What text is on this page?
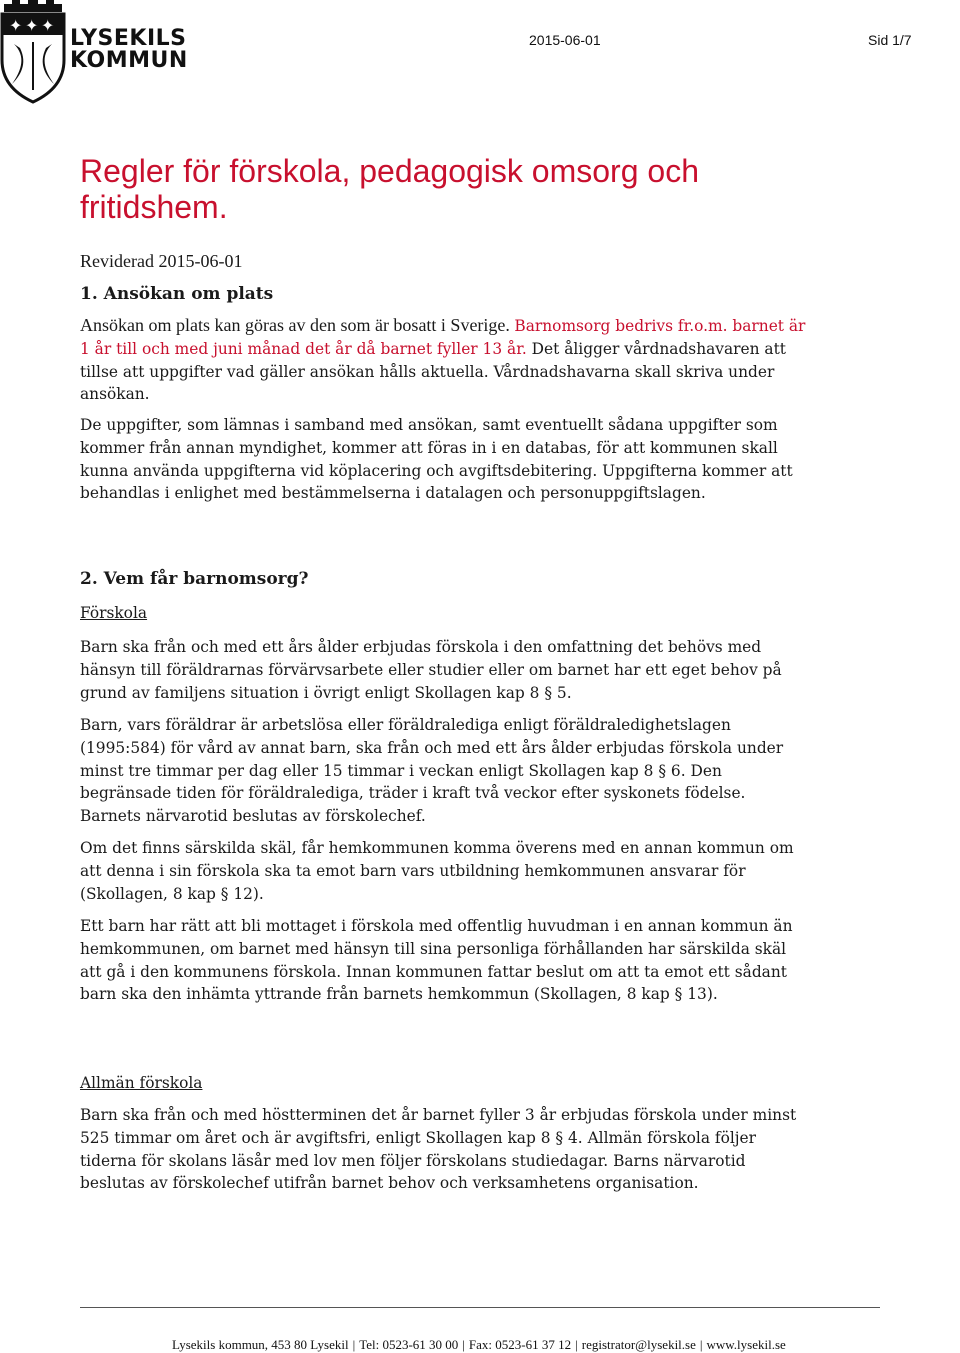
✦ ✦ ✦
LYSEKILS
KOMMUN
2015-06-01	Sid 1/7
Regler för förskola, pedagogisk omsorg och fritidshem.

Reviderad 2015-06-01

1. Ansökan om plats

Ansökan om plats kan göras av den som är bosatt i Sverige. Barnomsorg bedrivs fr.o.m. barnet är 1 år till och med juni månad det år då barnet fyller 13 år. Det åligger vårdnadshavaren att tillse att uppgifter vad gäller ansökan hålls aktuella. Vårdnadshavarna skall skriva under ansökan.

De uppgifter, som lämnas i samband med ansökan, samt eventuellt sådana uppgifter som kommer från annan myndighet, kommer att föras in i en databas, för att kommunen skall kunna använda uppgifterna vid köplacering och avgiftsdebitering. Uppgifterna kommer att behandlas i enlighet med bestämmelserna i datalagen och personuppgiftslagen.

2. Vem får barnomsorg?
Förskola

Barn ska från och med ett års ålder erbjudas förskola i den omfattning det behövs med hänsyn till föräldrarnas förvärvsarbete eller studier eller om barnet har ett eget behov på grund av familjens situation i övrigt enligt Skollagen kap 8 § 5.

Barn, vars föräldrar är arbetslösa eller föräldralediga enligt föräldraledighetslagen (1995:584) för vård av annat barn, ska från och med ett års ålder erbjudas förskola under minst tre timmar per dag eller 15 timmar i veckan enligt Skollagen kap 8 § 6. Den begränsade tiden för föräldralediga, träder i kraft två veckor efter syskonets födelse. Barnets närvarotid beslutas av förskolechef.

Om det finns särskilda skäl, får hemkommunen komma överens med en annan kommun om att denna i sin förskola ska ta emot barn vars utbildning hemkommunen ansvarar för (Skollagen, 8 kap § 12).

Ett barn har rätt att bli mottaget i förskola med offentlig huvudman i en annan kommun än hemkommunen, om barnet med hänsyn till sina personliga förhållanden har särskilda skäl att gå i den kommunens förskola. Innan kommunen fattar beslut om att ta emot ett sådant barn ska den inhämta yttrande från barnets hemkommun (Skollagen, 8 kap § 13).

Allmän förskola

Barn ska från och med höstterminen det år barnet fyller 3 år erbjudas förskola under minst 525 timmar om året och är avgiftsfri, enligt Skollagen kap 8 § 4. Allmän förskola följer tiderna för skolans läsår med lov men följer förskolans studiedagar. Barns närvarotid beslutas av förskolechef utifrån barnet behov och verksamhetens organisation.

Lysekils kommun, 453 80 Lysekil | Tel: 0523-61 30 00 | Fax: 0523-61 37 12 | registrator@lysekil.se | www.lysekil.se
